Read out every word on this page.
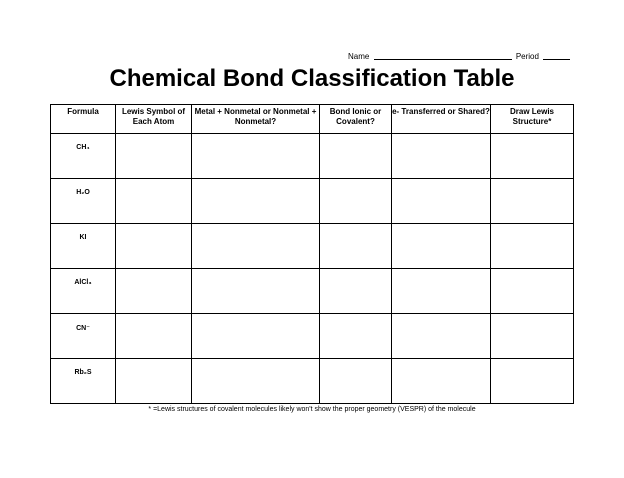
Name	Period
Chemical Bond Classification Table
Formula	Lewis Symbol of Each Atom	Metal + Nonmetal or Nonmetal + Nonmetal?	Bond Ionic or Covalent?	e- Transferred or Shared?	Draw Lewis Structure*
CH₄					
H₂O					
KI					
AlCl₃					
CN⁻					
Rb₂S					
* =Lewis structures of covalent molecules likely won't show the proper geometry (VESPR) of the molecule
